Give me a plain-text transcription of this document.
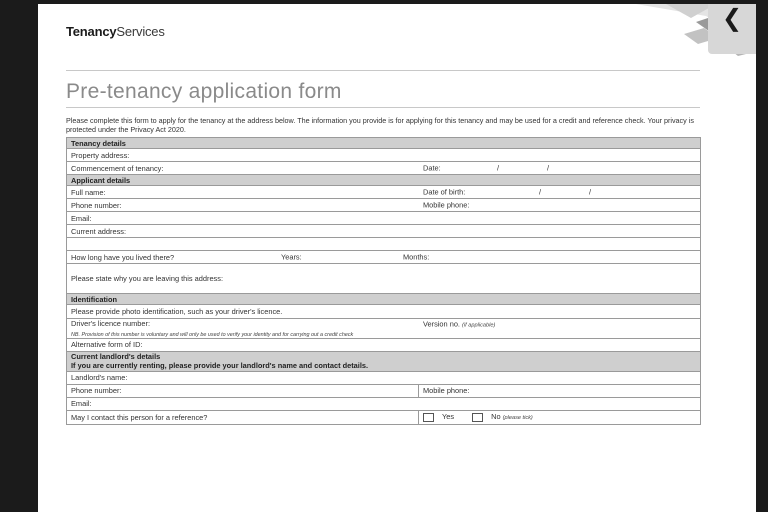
TenancyServices	❮
Pre-tenancy application form
Please complete this form to apply for the tenancy at the address below. The information you provide is for applying for this tenancy and may be used for a credit and reference check. Your privacy is protected under the Privacy Act 2020.
Tenancy details	
Property address:	
Commencement of tenancy: Date: / /	

Applicant details	
Full name: Date of birth: / /	

Phone number: Mobile phone:	

Email:	
Current address:	

How long have you lived there? Years: Months:	

Please state why you are leaving this address:	
Identification	
Please provide photo identification, such as your driver's licence.	
Driver's licence number: Version no. (if applicable)	

NB. Provision of this number is voluntary and will only be used to verify your identity and for carrying out a credit check	
Alternative form of ID:	
Current landlord's details	
If you are currently renting, please provide your landlord's name and contact details.	
Landlord's name:	
Phone number:	Mobile phone:
Email:	
May I contact this person for a reference?	Yes No (please tick)
